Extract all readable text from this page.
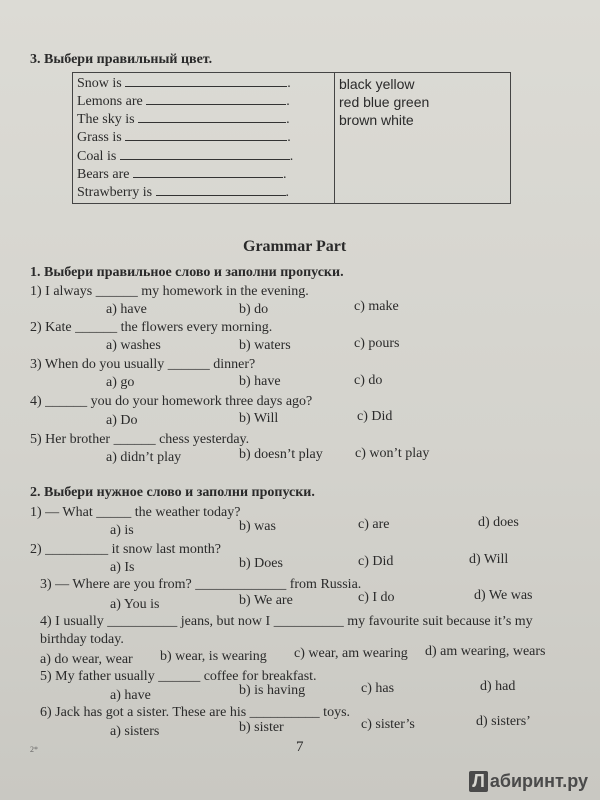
3. Выбери правильный цвет.
Snow is	.
Lemons are	.
The sky is	.
Grass is	.
Coal is	.
Bears are	.
Strawberry is	.
black yellow
red blue green
brown white
Grammar Part
1. Выбери правильное слово и заполни пропуски.
1) I always ______ my homework in the evening.
a) have	b) do	c) make
2) Kate ______ the flowers every morning.
a) washes	b) waters	c) pours
3) When do you usually ______ dinner?
a) go	b) have	c) do
4) ______ you do your homework three days ago?
a) Do	b) Will	c) Did
5) Her brother ______ chess yesterday.
a) didn’t play	b) doesn’t play c) won’t play
2. Выбери нужное слово и заполни пропуски.
1) — What _____ the weather today?
a) is	b) was	c) are	d) does
2) _________ it snow last month?
a) Is	b) Does	c) Did	d) Will
3) — Where are you from? _____________ from Russia.
a) You is	b) We are	c) I do	d) We was
4) I usually __________ jeans, but now I __________ my favourite suit because it’s my
birthday today.
a) do wear, wear b) wear, is wearing c) wear, am wearing d) am wearing, wears
5) My father usually ______ coffee for breakfast.
a) have	b) is having	c) has	d) had
6) Jack has got a sister. These are his __________ toys.
a) sisters	b) sister	c) sister’s	d) sisters’
7
2*
Л абиринт.ру
